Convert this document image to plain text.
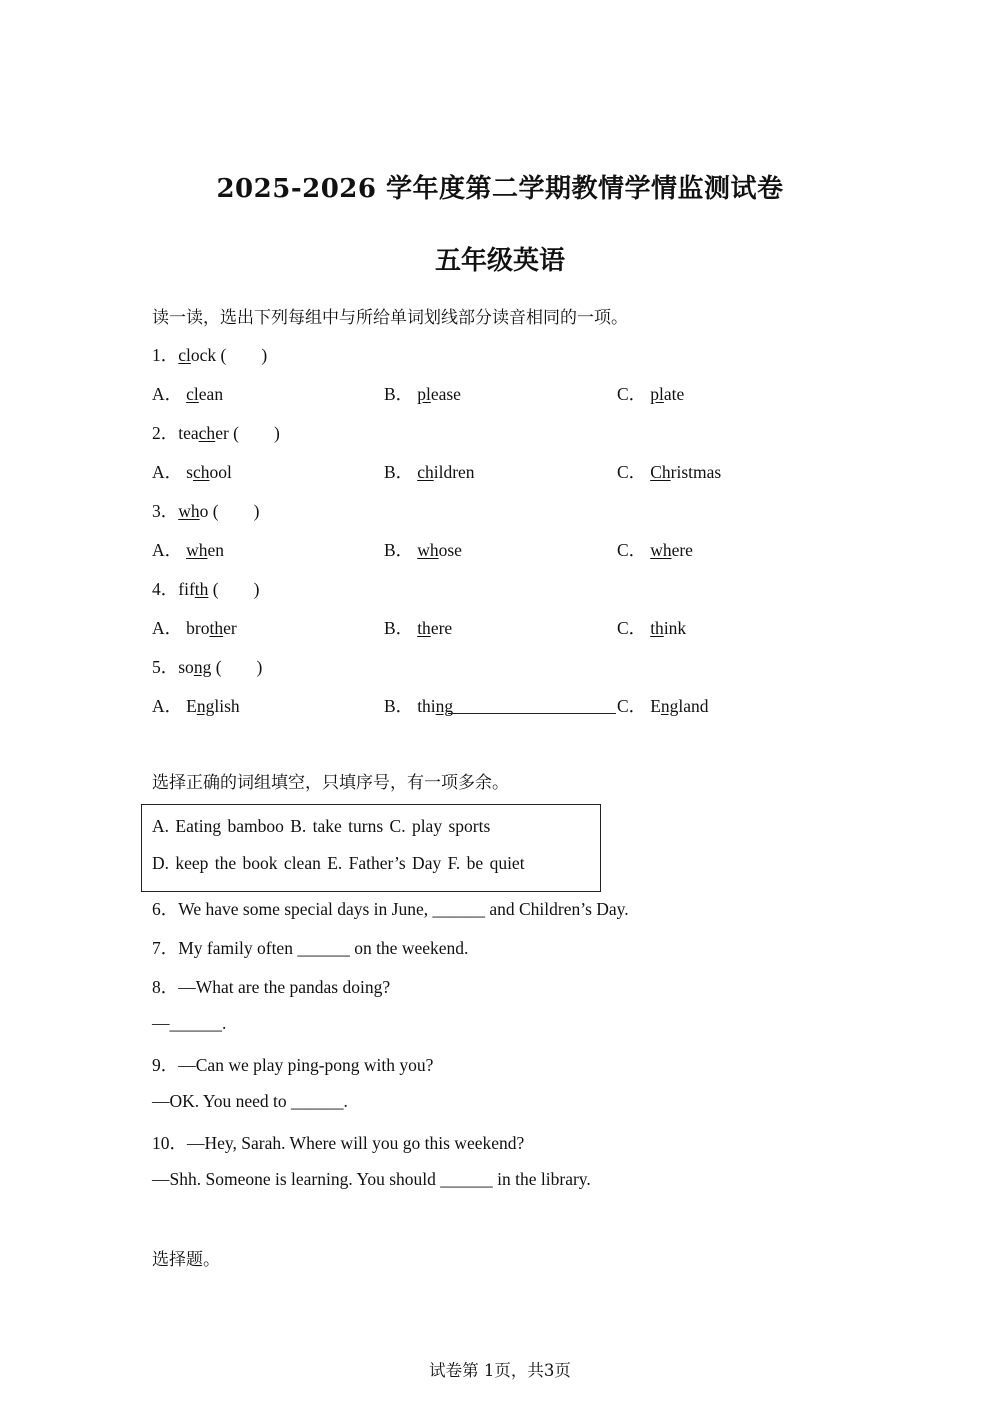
2025-2026 学年度第二学期教情学情监测试卷
五年级英语
读一读，选出下列每组中与所给单词划线部分读音相同的一项。
1．clock (        )
A． clean	B． please	C． plate
2．teacher (        )
A． school	B． children	C． Christmas
3．who (        )
A． when	B． whose	C． where
4．fifth (        )
A． brother	B． there	C． think
5．song (        )
A． English	B． thing	C． England
选择正确的词组填空，只填序号，有一项多余。
A. Eating bamboo B. take turns C. play sports
D. keep the book clean E. Father’s Day F. be quiet
6．We have some special days in June, ______ and Children’s Day.
7．My family often ______ on the weekend.
8．—What are the pandas doing?
—______.
9．—Can we play ping-pong with you?
—OK. You need to ______.
10．—Hey, Sarah. Where will you go this weekend?
—Shh. Someone is learning. You should ______ in the library.
选择题。
试卷第 1页，共3页
